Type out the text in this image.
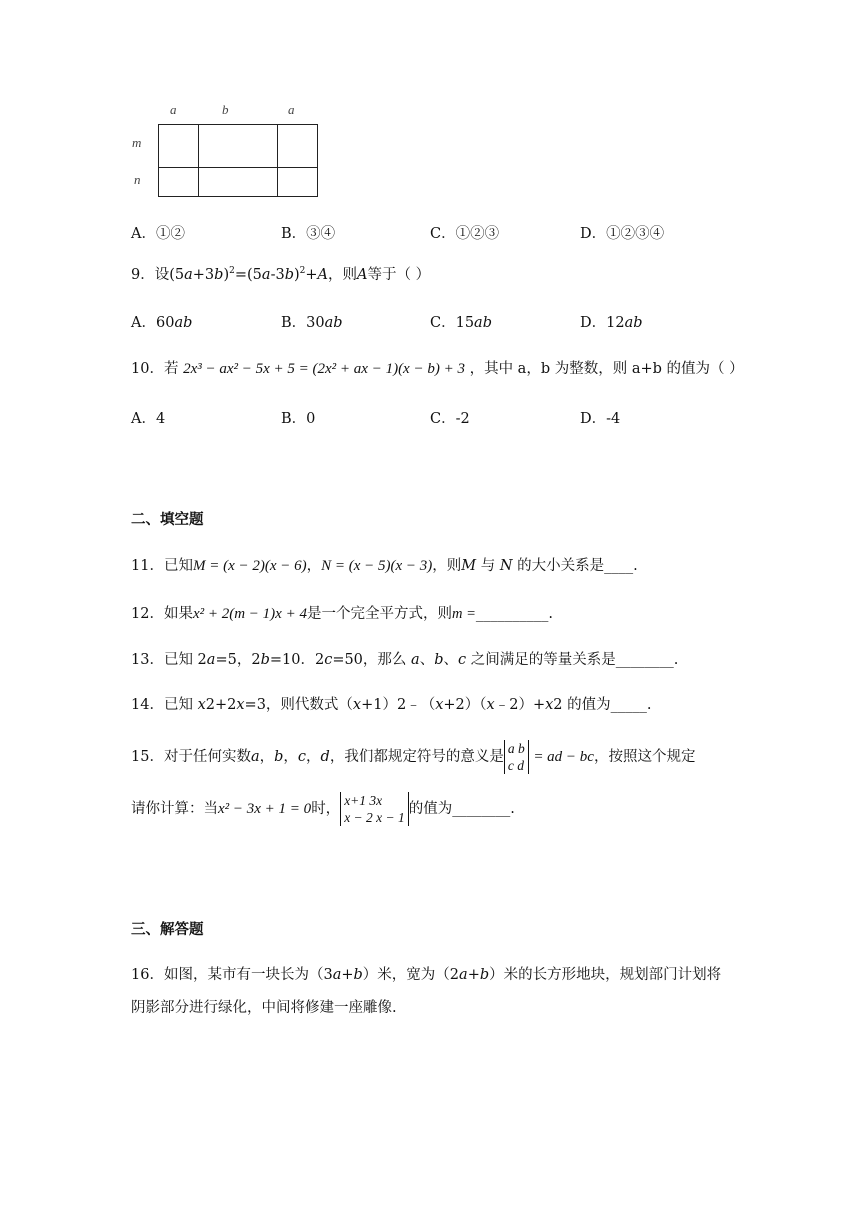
a	b	a
m
n
A．①②	B．③④	C．①②③	D．①②③④
9．设$(5a+3b)^2=(5a-3b)^2+A$，则A等于（ ）
A．60ab	B．30ab	C．15ab	D．12ab
10．若 2x³ − ax² − 5x + 5 = (2x² + ax − 1)(x − b) + 3 ，其中 a，b 为整数，则 a+b 的值为（ ）
A．4	B．0	C．-2	D．-4
二、填空题
11．已知M = (x − 2)(x − 6)，N = (x − 5)(x − 3)，则M 与 N 的大小关系是____.
12．如果x² + 2(m − 1)x + 4是一个完全平方式，则m =__________.
13．已知 2a=5，2b=10．2c=50，那么 a、b、c 之间满足的等量关系是________.
14．已知 x2+2x=3，则代数式（x+1）2﹣（x+2）（x﹣2）+x2 的值为_____.
15．对于任何实数a，b，c，d，我们都规定符号的意义是
a b
c d
= ad − bc，按照这个规定
请你计算：当x² − 3x + 1 = 0时，
x+1 3x
x − 2 x − 1
的值为________.
三、解答题
16．如图，某市有一块长为（3a+b）米，宽为（2a+b）米的长方形地块，规划部门计划将
阴影部分进行绿化，中间将修建一座雕像.
